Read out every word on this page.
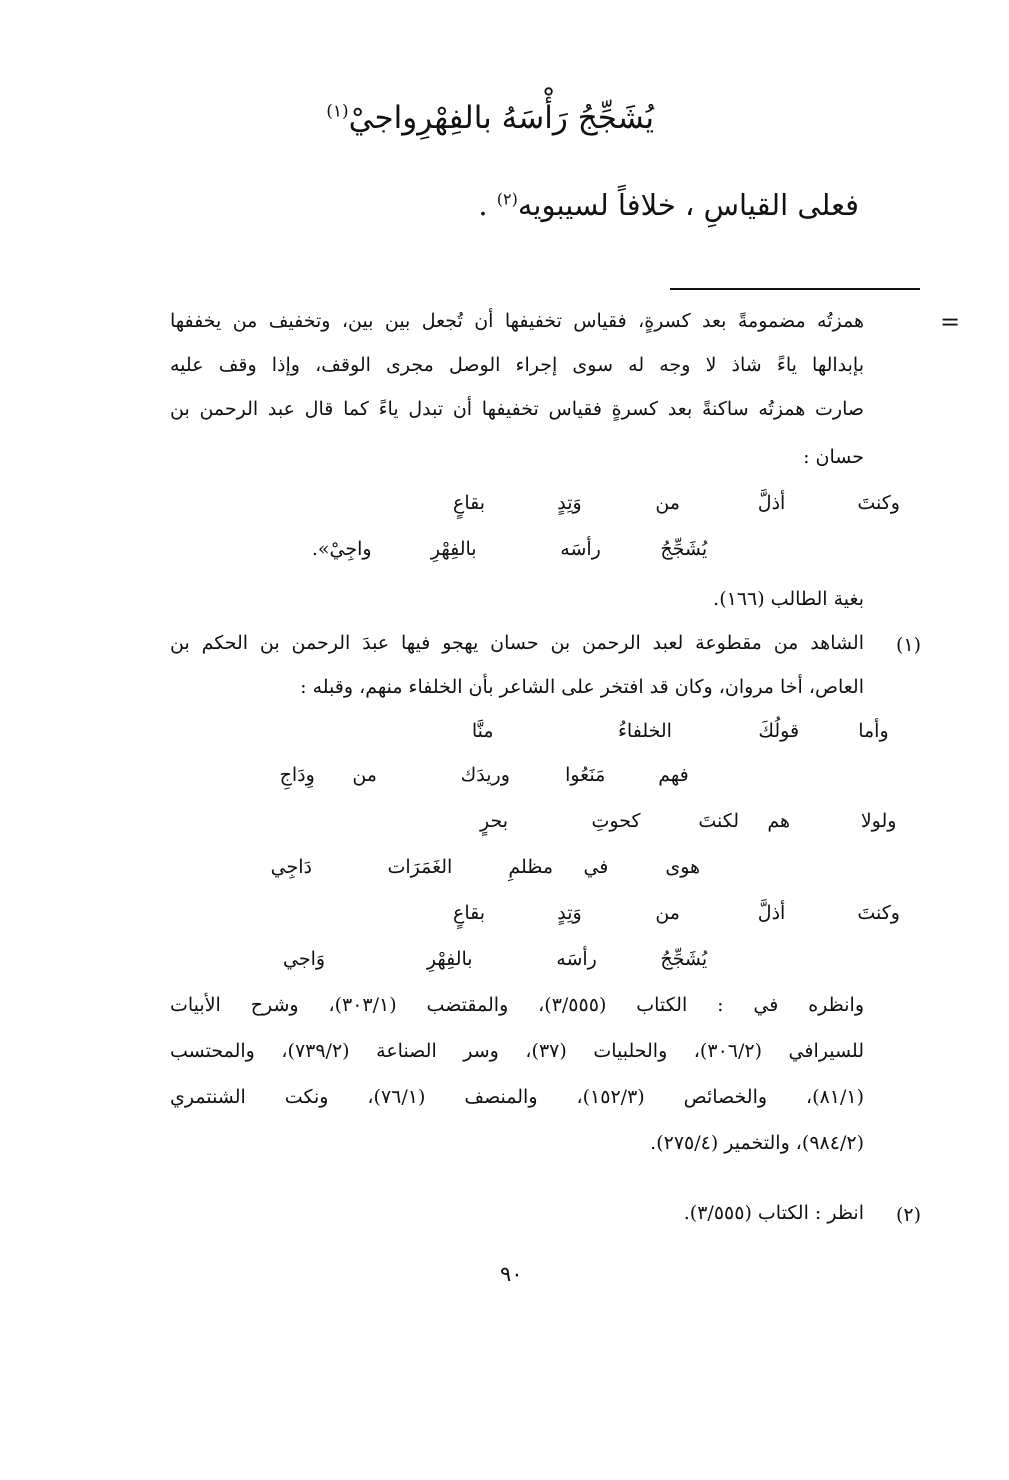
يُشَجِّجُ رَأْسَهُ بالفِهْرِواجيْ$^{(١)}$
فعلى القياسِ ، خلافاً لسيبويه$^{(٢)}$ .
=
همزتُه مضمومةً بعد كسرةٍ، فقياس تخفيفها أن تُجعل بين بين، وتخفيف من يخففها
بإبدالها ياءً شاذ لا وجه له سوى إجراء الوصل مجرى الوقف، وإذا وقف عليه
صارت همزتُه ساكنةً بعد كسرةٍ فقياس تخفيفها أن تبدل ياءً كما قال عبد الرحمن بن
حسان :
وكنتَ
أذلَّ
من
وَتِدٍ
بقاعٍ
يُشَجِّجُ
رأسَه
بالفِهْرِ
واجِيْ».
بغية الطالب (١٦٦).
(١)
الشاهد من مقطوعة لعبد الرحمن بن حسان يهجو فيها عبدَ الرحمن بن الحكم بن
العاص، أخا مروان، وكان قد افتخر على الشاعر بأن الخلفاء منهم، وقبله :
وأما
قولُكَ
الخلفاءُ
منَّا
فهم
مَنَعُوا
وريدَك
من
وِدَاجِ
ولولا
هم
لكنتَ
كحوتِ
بحرٍ
هوى
في
مظلمِ
الغَمَرَات
دَاجِي
وكنتَ
أذلَّ
من
وَتِدٍ
بقاعٍ
يُشَجِّجُ
رأسَه
بالفِهْرِ
وَاجي
وانظره في : الكتاب (٣/٥٥٥)، والمقتضب (٣٠٣/١)، وشرح الأبيات
للسيرافي (٣٠٦/٢)، والحلبيات (٣٧)، وسر الصناعة (٧٣٩/٢)، والمحتسب
(٨١/١)، والخصائص (١٥٢/٣)، والمنصف (٧٦/١)، ونكت الشنتمري
(٩٨٤/٢)، والتخمير (٢٧٥/٤).
(٢)
انظر : الكتاب (٣/٥٥٥).
٩٠
